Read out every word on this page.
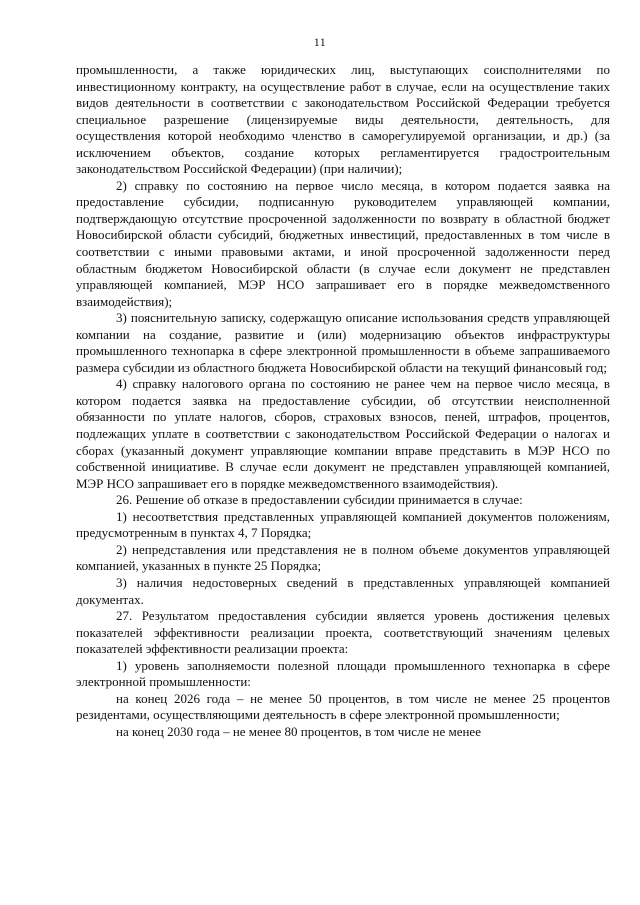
11

промышленности, а также юридических лиц, выступающих соисполнителями по инвестиционному контракту, на осуществление работ в случае, если на осуществление таких видов деятельности в соответствии с законодательством Российской Федерации требуется специальное разрешение (лицензируемые виды деятельности, деятельность, для осуществления которой необходимо членство в саморегулируемой организации, и др.) (за исключением объектов, создание которых регламентируется градостроительным законодательством Российской Федерации) (при наличии);

2) справку по состоянию на первое число месяца, в котором подается заявка на предоставление субсидии, подписанную руководителем управляющей компании, подтверждающую отсутствие просроченной задолженности по возврату в областной бюджет Новосибирской области субсидий, бюджетных инвестиций, предоставленных в том числе в соответствии с иными правовыми актами, и иной просроченной задолженности перед областным бюджетом Новосибирской области (в случае если документ не представлен управляющей компанией, МЭР НСО запрашивает его в порядке межведомственного взаимодействия);

3) пояснительную записку, содержащую описание использования средств управляющей компании на создание, развитие и (или) модернизацию объектов инфраструктуры промышленного технопарка в сфере электронной промышленности в объеме запрашиваемого размера субсидии из областного бюджета Новосибирской области на текущий финансовый год;

4) справку налогового органа по состоянию не ранее чем на первое число месяца, в котором подается заявка на предоставление субсидии, об отсутствии неисполненной обязанности по уплате налогов, сборов, страховых взносов, пеней, штрафов, процентов, подлежащих уплате в соответствии с законодательством Российской Федерации о налогах и сборах (указанный документ управляющие компании вправе представить в МЭР НСО по собственной инициативе. В случае если документ не представлен управляющей компанией, МЭР НСО запрашивает его в порядке межведомственного взаимодействия).

26. Решение об отказе в предоставлении субсидии принимается в случае:

1) несоответствия представленных управляющей компанией документов положениям, предусмотренным в пунктах 4, 7 Порядка;

2) непредставления или представления не в полном объеме документов управляющей компанией, указанных в пункте 25 Порядка;

3) наличия недостоверных сведений в представленных управляющей компанией документах.

27. Результатом предоставления субсидии является уровень достижения целевых показателей эффективности реализации проекта, соответствующий значениям целевых показателей эффективности реализации проекта:

1) уровень заполняемости полезной площади промышленного технопарка в сфере электронной промышленности:

на конец 2026 года – не менее 50 процентов, в том числе не менее 25 процентов резидентами, осуществляющими деятельность в сфере электронной промышленности;

на конец 2030 года – не менее 80 процентов, в том числе не менее
